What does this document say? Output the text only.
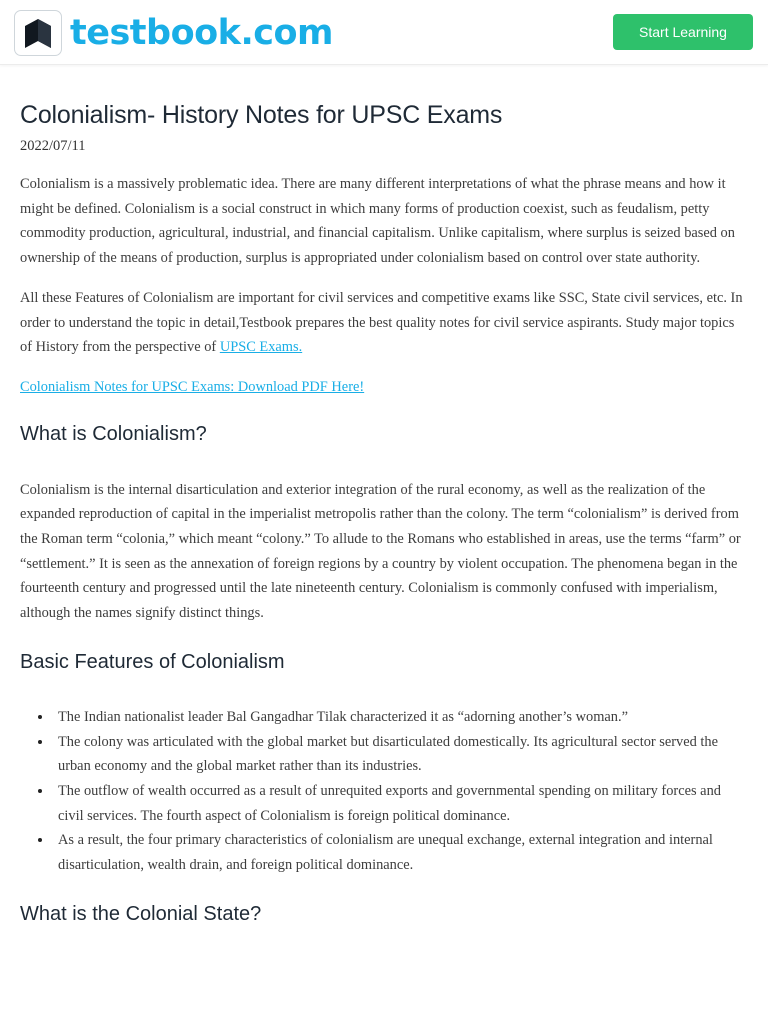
testbook.com	Start Learning
Colonialism- History Notes for UPSC Exams
2022/07/11

Colonialism is a massively problematic idea. There are many different interpretations of what the phrase means and how it might be defined. Colonialism is a social construct in which many forms of production coexist, such as feudalism, petty commodity production, agricultural, industrial, and financial capitalism. Unlike capitalism, where surplus is seized based on ownership of the means of production, surplus is appropriated under colonialism based on control over state authority.

All these Features of Colonialism are important for civil services and competitive exams like SSC, State civil services, etc. In order to understand the topic in detail,Testbook prepares the best quality notes for civil service aspirants. Study major topics of History from the perspective of UPSC Exams.

Colonialism Notes for UPSC Exams: Download PDF Here!

What is Colonialism?

Colonialism is the internal disarticulation and exterior integration of the rural economy, as well as the realization of the expanded reproduction of capital in the imperialist metropolis rather than the colony. The term “colonialism” is derived from the Roman term “colonia,” which meant “colony.” To allude to the Romans who established in areas, use the terms “farm” or “settlement.” It is seen as the annexation of foreign regions by a country by violent occupation. The phenomena began in the fourteenth century and progressed until the late nineteenth century. Colonialism is commonly confused with imperialism, although the names signify distinct things.

Basic Features of Colonialism
The Indian nationalist leader Bal Gangadhar Tilak characterized it as “adorning another’s woman.”
The colony was articulated with the global market but disarticulated domestically. Its agricultural sector served the urban economy and the global market rather than its industries.
The outflow of wealth occurred as a result of unrequited exports and governmental spending on military forces and civil services. The fourth aspect of Colonialism is foreign political dominance.
As a result, the four primary characteristics of colonialism are unequal exchange, external integration and internal disarticulation, wealth drain, and foreign political dominance.
What is the Colonial State?
